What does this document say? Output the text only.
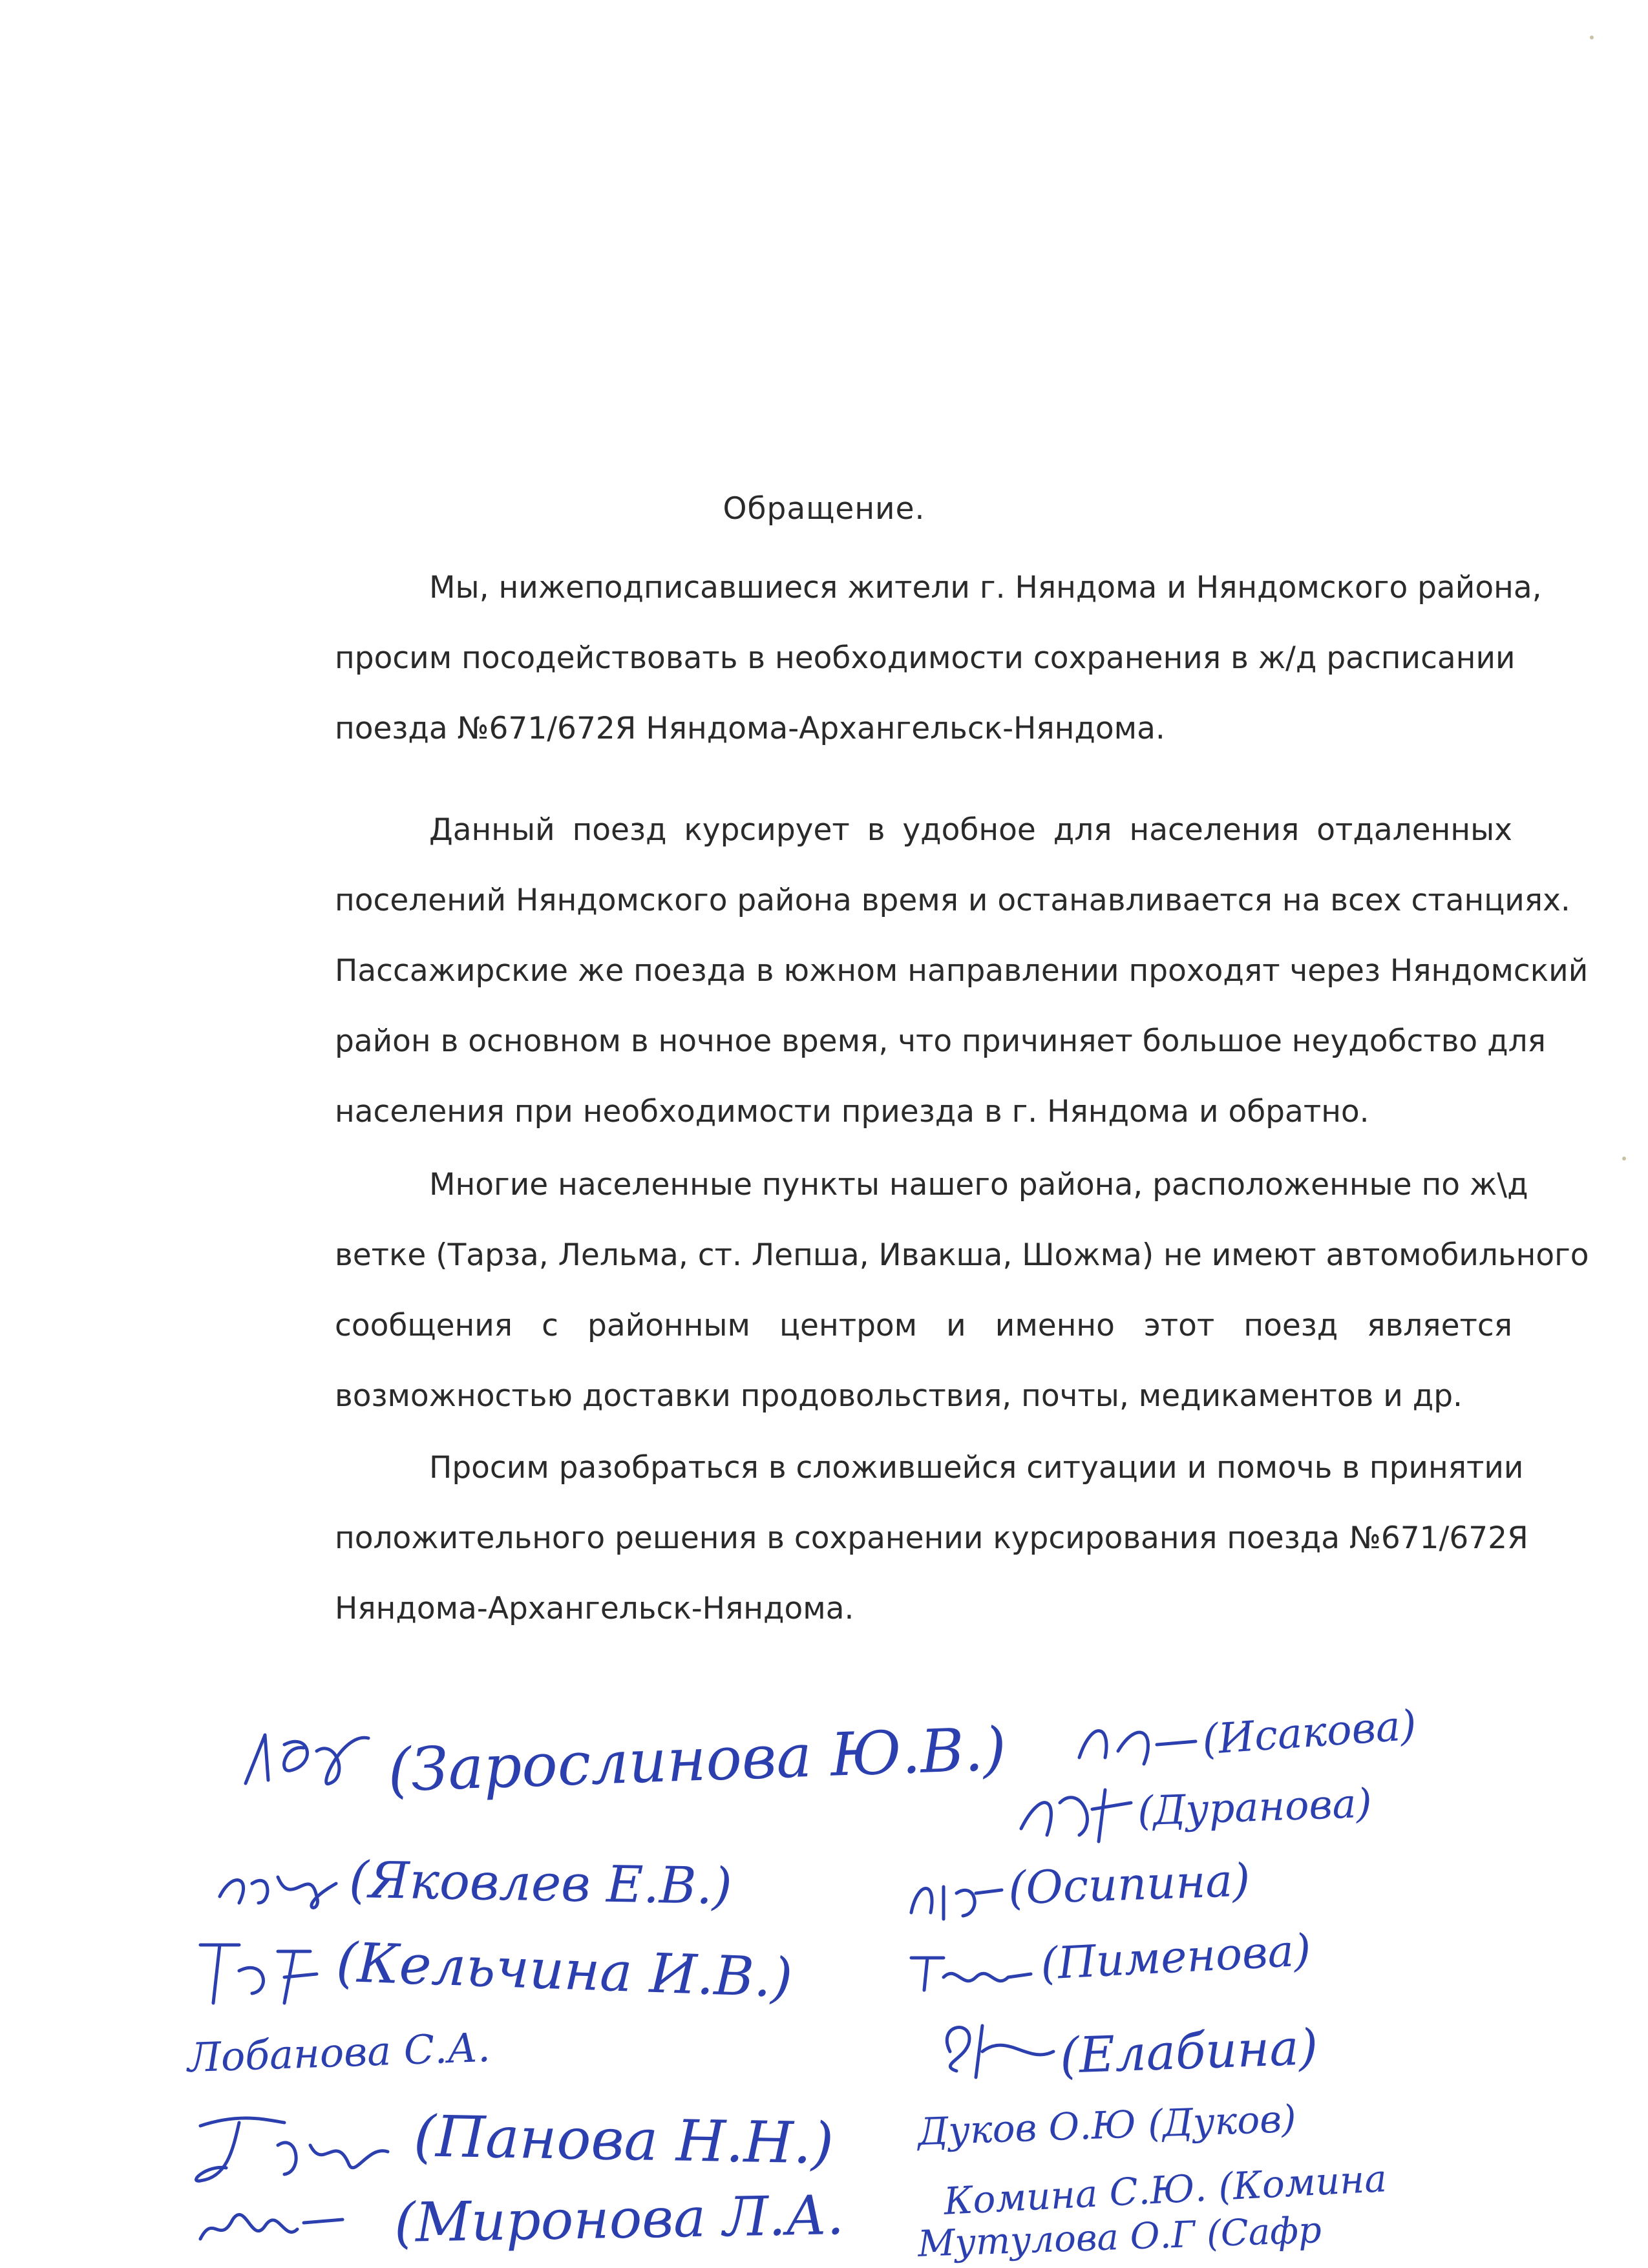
Обращение.
Мы, нижеподписавшиеся жители г. Няндома и Няндомского района,
просим посодействовать в необходимости сохранения в ж/д расписании
поезда №671/672Я Няндома-Архангельск-Няндома.
Данный поезд курсирует в удобное для населения отдаленных
поселений Няндомского района время и останавливается на всех станциях.
Пассажирские же поезда в южном направлении проходят через Няндомский
район в основном в ночное время, что причиняет большое неудобство для
населения при необходимости приезда в г. Няндома и обратно.
Многие населенные пункты нашего района, расположенные по ж\д
ветке (Тарза, Лельма, ст. Лепша, Ивакша, Шожма) не имеют автомобильного
сообщения с районным центром и именно этот поезд является
возможностью доставки продовольствия, почты, медикаментов и др.
Просим разобраться в сложившейся ситуации и помочь в принятии
положительного решения в сохранении курсирования поезда №671/672Я
Няндома-Архангельск-Няндома.
(Зарослинова Ю.В.)
(Яковлев Е.В.)
(Кельчина И.В.)
Лобанова С.А.
(Панова Н.Н.)
(Миронова Л.А.
(Исакова)
(Дуранова)
(Осипина)
(Пименова)
(Елабина)
Дуков О.Ю (Дуков)
Комина С.Ю. (Комина
Мутулова О.Г (Сафр
